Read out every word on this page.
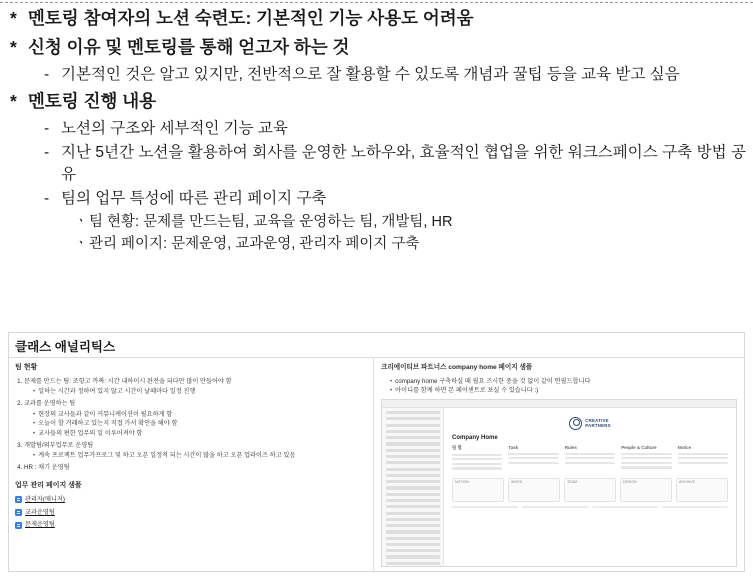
* 멘토링 참여자의 노션 숙련도: 기본적인 기능 사용도 어려움
* 신청 이유 및 멘토링를 통해 얻고자 하는 것
- 기본적인 것은 알고 있지만, 전반적으로 잘 활용할 수 있도록 개념과 꿀팁 등을 교육 받고 싶음
* 멘토링 진행 내용
- 노션의 구조와 세부적인 기능 교육
- 지난 5년간 노션을 활용하여 회사를 운영한 노하우와, 효율적인 협업을 위한 워크스페이스 구축 방법 공유
- 팀의 업무 특성에 따른 관리 페이지 구축
ㆍ 팀 현황: 문제를 만드는팀, 교육을 운영하는 팀, 개발팀, HR
ㆍ 관리 페이지: 문제운영, 교과운영, 관리자 페이지 구축
클래스 애널리틱스

팀 현황

1. 문제를 만드는 팀: 조항고 까짜: 시간 내하이시 완전을 되다만 많이 만들어야 함
• 일하는 시간과 정하여 있지 않고 시간이 날때마다 일정 진행
2. 교과를 운영하는 팀
• 현장의 교사들과 같이 커뮤니케이션이 필요하게 함
• 오늘이 할 거래하고 있는지 직접 가서 확인을 해야 함
• 교사들의 편한 업무의 일 이루어져야 함
3. 개발팀/외부업무로 운영팀
• 계속 프로젝트 업무가프로그 및 하고 오픈 일정적 되는 시간이 많을 하고 오픈 업라이즈 하고 있음
4. HR : 채기 운영팀

업무 관리 페이지 샘플

관리자(매니저)
교과운영팀
문제운영팀

크리에이티브 파트너스 company home 페이지 샘플

• company home 구축하실 때 필요 즈시한 중을 것 없이 같이 연필드합니다
• 아이디를 함께 하면 본 페이센트로 보실 수 있습니다 :)

CREATIVE
PARTNERS
Company Home
팀 별	Task	Rules	People & Culture	Notice
NOTION	WORK	TEAM	DESIGN	ARCHIVE
